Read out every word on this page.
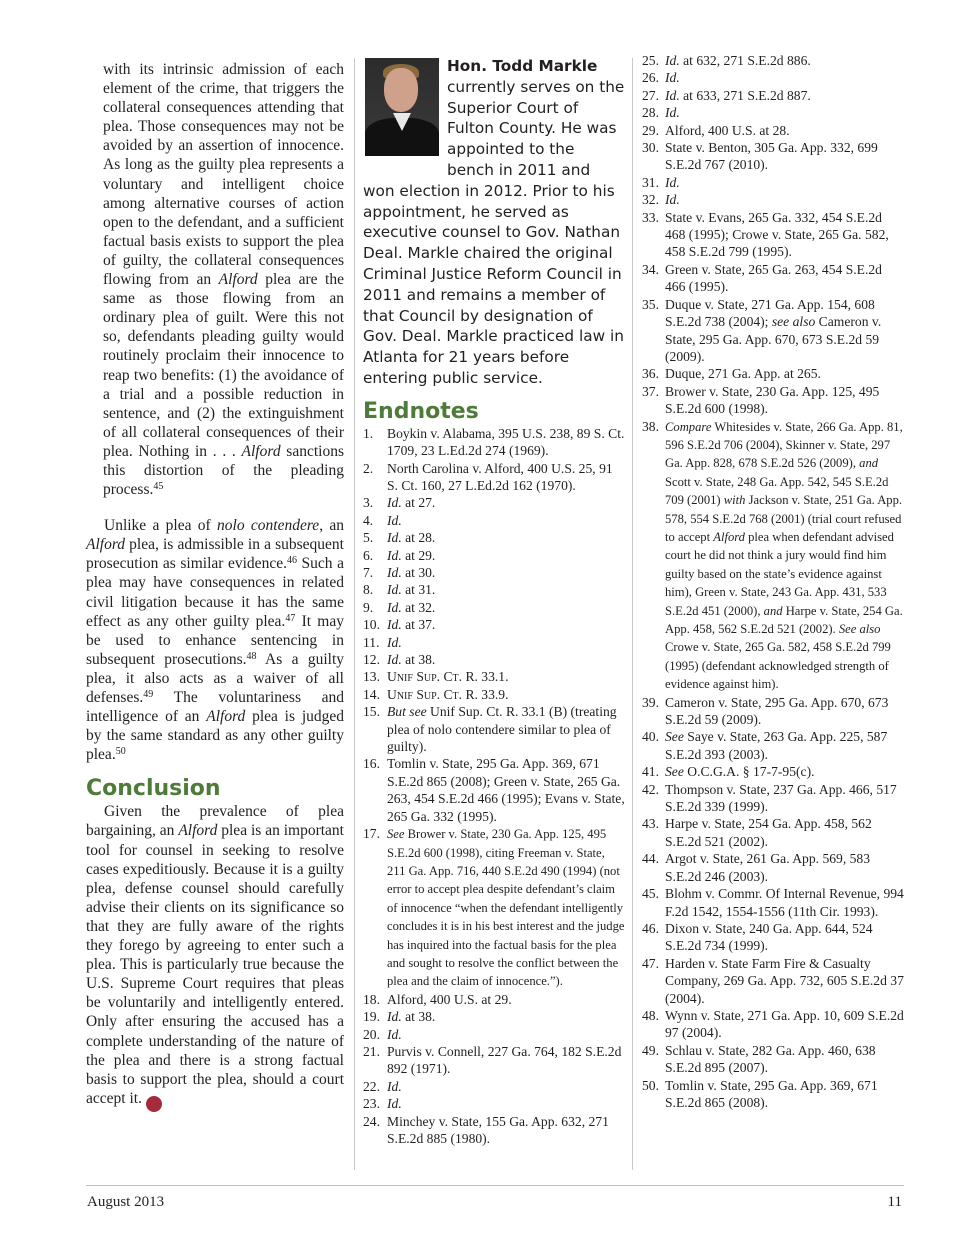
with its intrinsic admission of each element of the crime, that triggers the collateral consequences attending that plea. Those consequences may not be avoided by an assertion of innocence. As long as the guilty plea represents a voluntary and intelligent choice among alternative courses of action open to the defendant, and a sufficient factual basis exists to support the plea of guilty, the collateral consequences flowing from an Alford plea are the same as those flowing from an ordinary plea of guilt. Were this not so, defendants pleading guilty would routinely proclaim their innocence to reap two benefits: (1) the avoidance of a trial and a possible reduction in sentence, and (2) the extinguishment of all collateral consequences of their plea. Nothing in . . . Alford sanctions this distortion of the pleading process.$^{45}$

Unlike a plea of nolo contendere, an Alford plea, is admissible in a subsequent prosecution as similar evidence.$^{46}$ Such a plea may have consequences in related civil litigation because it has the same effect as any other guilty plea.$^{47}$ It may be used to enhance sentencing in subsequent prosecutions.$^{48}$ As a guilty plea, it also acts as a waiver of all defenses.$^{49}$ The voluntariness and intelligence of an Alford plea is judged by the same standard as any other guilty plea.$^{50}$

Conclusion

Given the prevalence of plea bargaining, an Alford plea is an important tool for counsel in seeking to resolve cases expeditiously. Because it is a guilty plea, defense counsel should carefully advise their clients on its significance so that they are fully aware of the rights they forego by agreeing to enter such a plea. This is particularly true because the U.S. Supreme Court requires that pleas be voluntarily and intelligently entered. Only after ensuring the accused has a complete understanding of the nature of the plea and there is a strong factual basis to support the plea, should a court accept it.	GBJ

Hon. Todd Markle currently serves on the Superior Court of Fulton County. He was appointed to the bench in 2011 and won election in 2012. Prior to his appointment, he served as executive counsel to Gov. Nathan Deal. Markle chaired the original Criminal Justice Reform Council in 2011 and remains a member of that Council by designation of Gov. Deal. Markle practiced law in Atlanta for 21 years before entering public service.

Endnotes
1. Boykin v. Alabama, 395 U.S. 238, 89 S. Ct. 1709, 23 L.Ed.2d 274 (1969).
2. North Carolina v. Alford, 400 U.S. 25, 91 S. Ct. 160, 27 L.Ed.2d 162 (1970).
3. Id. at 27.
4. Id.
5. Id. at 28.
6. Id. at 29.
7. Id. at 30.
8. Id. at 31.
9. Id. at 32.
10. Id. at 37.
11. Id.
12. Id. at 38.
13. Unif Sup. Ct. R. 33.1.
14. Unif Sup. Ct. R. 33.9.
15. But see Unif Sup. Ct. R. 33.1 (B) (treating plea of nolo contendere similar to plea of guilty).
16. Tomlin v. State, 295 Ga. App. 369, 671 S.E.2d 865 (2008); Green v. State, 265 Ga. 263, 454 S.E.2d 466 (1995); Evans v. State, 265 Ga. 332 (1995).
17. See Brower v. State, 230 Ga. App. 125, 495 S.E.2d 600 (1998), citing Freeman v. State, 211 Ga. App. 716, 440 S.E.2d 490 (1994) (not error to accept plea despite defendant’s claim of innocence “when the defendant intelligently concludes it is in his best interest and the judge has inquired into the factual basis for the plea and sought to resolve the conflict between the plea and the claim of innocence.”).
18. Alford, 400 U.S. at 29.
19. Id. at 38.
20. Id.
21. Purvis v. Connell, 227 Ga. 764, 182 S.E.2d 892 (1971).
22. Id.
23. Id.
24. Minchey v. State, 155 Ga. App. 632, 271 S.E.2d 885 (1980).
25. Id. at 632, 271 S.E.2d 886.
26. Id.
27. Id. at 633, 271 S.E.2d 887.
28. Id.
29. Alford, 400 U.S. at 28.
30. State v. Benton, 305 Ga. App. 332, 699 S.E.2d 767 (2010).
31. Id.
32. Id.
33. State v. Evans, 265 Ga. 332, 454 S.E.2d 468 (1995); Crowe v. State, 265 Ga. 582, 458 S.E.2d 799 (1995).
34. Green v. State, 265 Ga. 263, 454 S.E.2d 466 (1995).
35. Duque v. State, 271 Ga. App. 154, 608 S.E.2d 738 (2004); see also Cameron v. State, 295 Ga. App. 670, 673 S.E.2d 59 (2009).
36. Duque, 271 Ga. App. at 265.
37. Brower v. State, 230 Ga. App. 125, 495 S.E.2d 600 (1998).
38. Compare Whitesides v. State, 266 Ga. App. 81, 596 S.E.2d 706 (2004), Skinner v. State, 297 Ga. App. 828, 678 S.E.2d 526 (2009), and Scott v. State, 248 Ga. App. 542, 545 S.E.2d 709 (2001) with Jackson v. State, 251 Ga. App. 578, 554 S.E.2d 768 (2001) (trial court refused to accept Alford plea when defendant advised court he did not think a jury would find him guilty based on the state’s evidence against him), Green v. State, 243 Ga. App. 431, 533 S.E.2d 451 (2000), and Harpe v. State, 254 Ga. App. 458, 562 S.E.2d 521 (2002). See also Crowe v. State, 265 Ga. 582, 458 S.E.2d 799 (1995) (defendant acknowledged strength of evidence against him).
39. Cameron v. State, 295 Ga. App. 670, 673 S.E.2d 59 (2009).
40. See Saye v. State, 263 Ga. App. 225, 587 S.E.2d 393 (2003).
41. See O.C.G.A. § 17-7-95(c).
42. Thompson v. State, 237 Ga. App. 466, 517 S.E.2d 339 (1999).
43. Harpe v. State, 254 Ga. App. 458, 562 S.E.2d 521 (2002).
44. Argot v. State, 261 Ga. App. 569, 583 S.E.2d 246 (2003).
45. Blohm v. Commr. Of Internal Revenue, 994 F.2d 1542, 1554-1556 (11th Cir. 1993).
46. Dixon v. State, 240 Ga. App. 644, 524 S.E.2d 734 (1999).
47. Harden v. State Farm Fire & Casualty Company, 269 Ga. App. 732, 605 S.E.2d 37 (2004).
48. Wynn v. State, 271 Ga. App. 10, 609 S.E.2d 97 (2004).
49. Schlau v. State, 282 Ga. App. 460, 638 S.E.2d 895 (2007).
50. Tomlin v. State, 295 Ga. App. 369, 671 S.E.2d 865 (2008).
August 2013	11
